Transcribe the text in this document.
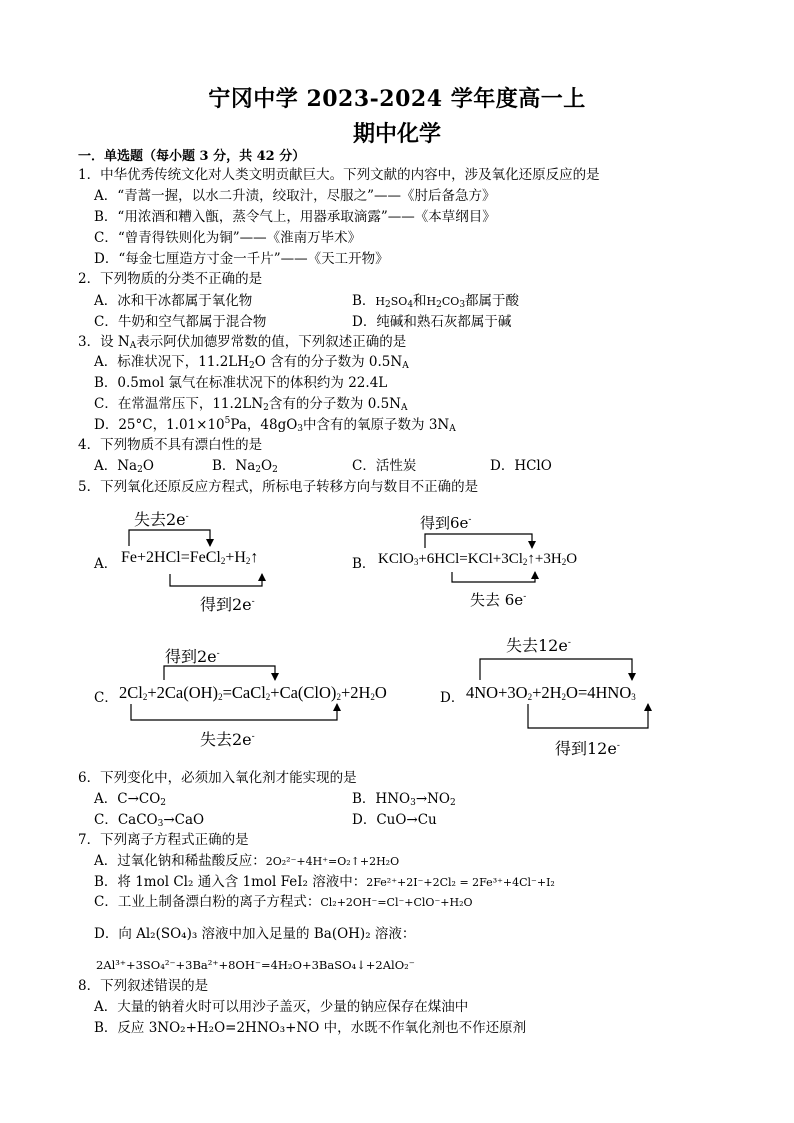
宁冈中学 2023-2024 学年度高一上
期中化学
一．单选题（每小题 3 分，共 42 分）
1．中华优秀传统文化对人类文明贡献巨大。下列文献的内容中，涉及氧化还原反应的是
A．“青蒿一握，以水二升渍，绞取汁，尽服之”——《肘后备急方》
B．“用浓酒和糟入甑，蒸令气上，用器承取滴露”——《本草纲目》
C．“曾青得铁则化为铜”——《淮南万毕术》
D．“每金七厘造方寸金一千片”——《天工开物》
2．下列物质的分类不正确的是
A．冰和干冰都属于氧化物	B．$H_2SO_4$和$H_2CO_3$都属于酸
C．牛奶和空气都属于混合物	D．纯碱和熟石灰都属于碱
3．设 $N_A$表示阿伏加德罗常数的值，下列叙述正确的是
A．标准状况下，$11.2LH_2O$ 含有的分子数为 $0.5N_A$
B．0.5mol 氯气在标准状况下的体积约为 22.4L
C．在常温常压下，$11.2LN_2$含有的分子数为 $0.5N_A$
D．25°C，$1.01\times 10^5Pa$，$48gO_3$中含有的氧原子数为 $3N_A$
4．下列物质不具有漂白性的是
A．$Na_2O$	B．$Na_2O_2$	C．活性炭	D．HClO
5．下列氧化还原反应方程式，所标电子转移方向与数目不正确的是
A．
失去2e-
$Fe+2HCl=FeCl_2+H_2↑$
得到2e-
B．
得到6e-
$KClO_3+6HCl=KCl+3Cl_2↑+3H_2O$
失去 6e-
得到2e-
C． $2Cl_2+2Ca(OH)_2=CaCl_2+Ca(ClO)_2+2H_2O$
失去2e-
失去12e-
D． $4NO+3O_2+2H_2O=4HNO_3$
得到12e-
6．下列变化中，必须加入氧化剂才能实现的是
A．$C\to CO_2$	B．$HNO_3\to NO_2$
C．CaCO$_3$→CaO	D．CuO→Cu
7．下列离子方程式正确的是
A．过氧化钠和稀盐酸反应：2O₂²⁻+4H⁺=O₂↑+2H₂O
B．将 1mol Cl₂ 通入含 1mol FeI₂ 溶液中：2Fe²⁺+2I⁻+2Cl₂ = 2Fe³⁺+4Cl⁻+I₂
C．工业上制备漂白粉的离子方程式：Cl₂+2OH⁻=Cl⁻+ClO⁻+H₂O
D．向 Al₂(SO₄)₃ 溶液中加入足量的 Ba(OH)₂ 溶液：
2Al³⁺+3SO₄²⁻+3Ba²⁺+8OH⁻=4H₂O+3BaSO₄↓+2AlO₂⁻
8．下列叙述错误的是
A．大量的钠着火时可以用沙子盖灭，少量的钠应保存在煤油中
B．反应 3NO₂+H₂O=2HNO₃+NO 中，水既不作氧化剂也不作还原剂
